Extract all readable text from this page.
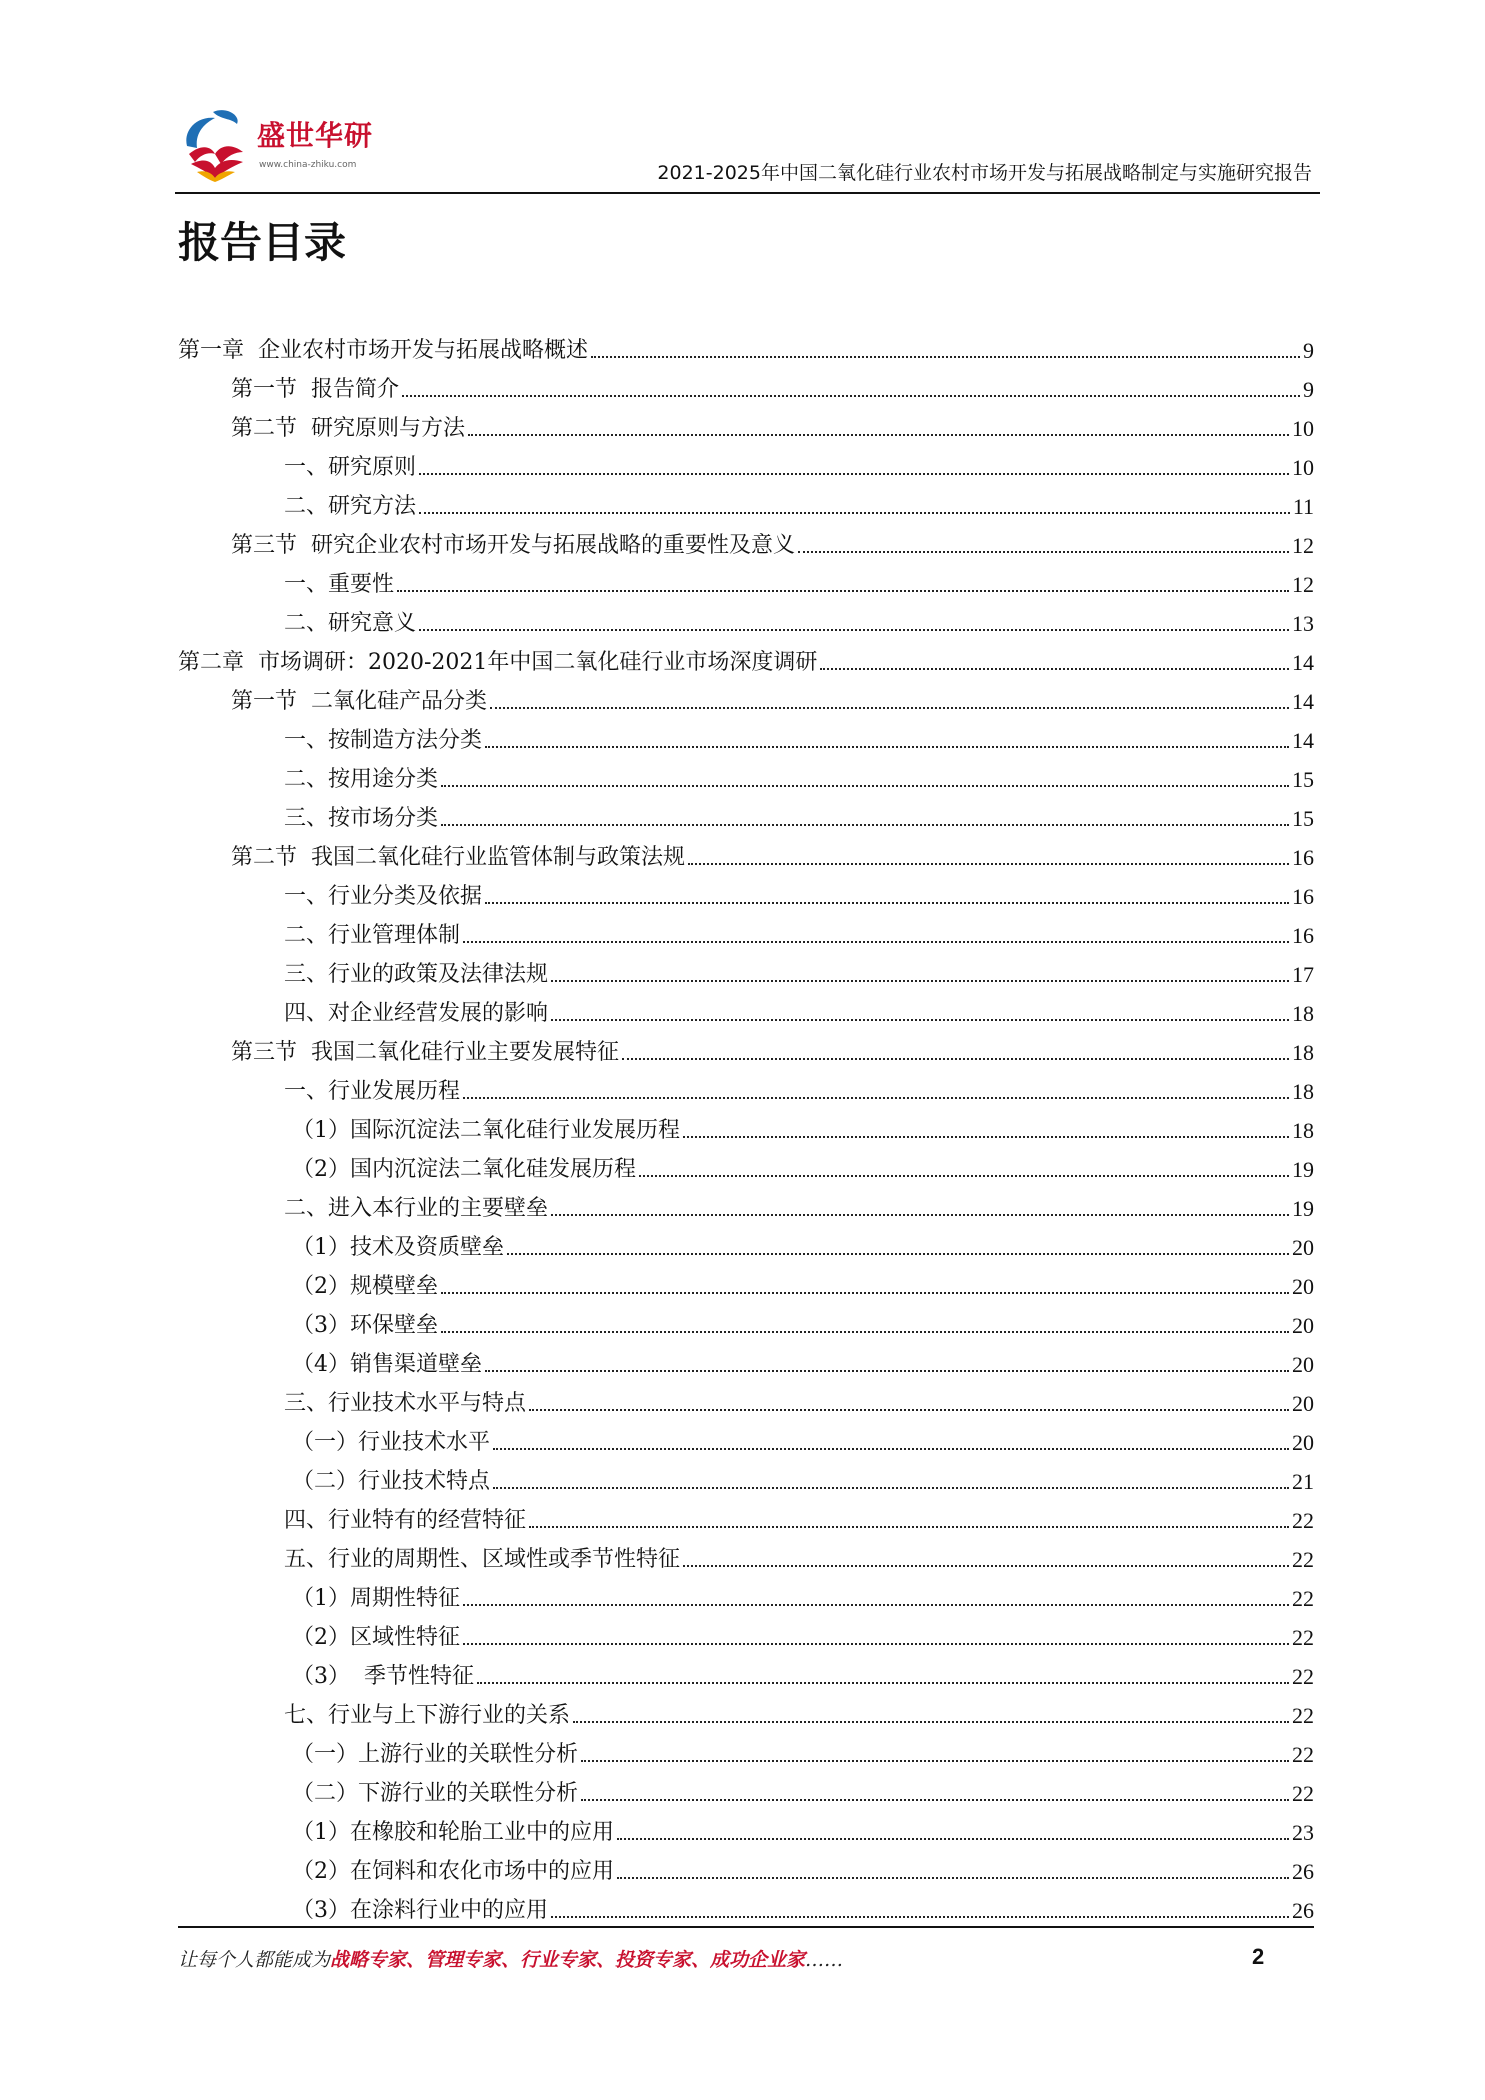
盛世华研
www.china-zhiku.com	2021-2025年中国二氧化硅行业农村市场开发与拓展战略制定与实施研究报告
报告目录
第一章  企业农村市场开发与拓展战略概述	9
第一节  报告简介	9
第二节  研究原则与方法	10
一、研究原则	10
二、研究方法	11
第三节  研究企业农村市场开发与拓展战略的重要性及意义	12
一、重要性	12
二、研究意义	13
第二章  市场调研：2020-2021年中国二氧化硅行业市场深度调研	14
第一节  二氧化硅产品分类	14
一、按制造方法分类	14
二、按用途分类	15
三、按市场分类	15
第二节  我国二氧化硅行业监管体制与政策法规	16
一、行业分类及依据	16
二、行业管理体制	16
三、行业的政策及法律法规	17
四、对企业经营发展的影响	18
第三节  我国二氧化硅行业主要发展特征	18
一、行业发展历程	18
（1）国际沉淀法二氧化硅行业发展历程	18
（2）国内沉淀法二氧化硅发展历程	19
二、进入本行业的主要壁垒	19
（1）技术及资质壁垒	20
（2）规模壁垒	20
（3）环保壁垒	20
（4）销售渠道壁垒	20
三、行业技术水平与特点	20
（一）行业技术水平	20
（二）行业技术特点	21
四、行业特有的经营特征	22
五、行业的周期性、区域性或季节性特征	22
（1）周期性特征	22
（2）区域性特征	22
（3）  季节性特征	22
七、行业与上下游行业的关系	22
（一）上游行业的关联性分析	22
（二）下游行业的关联性分析	22
（1）在橡胶和轮胎工业中的应用	23
（2）在饲料和农化市场中的应用	26
（3）在涂料行业中的应用	26
让每个人都能成为战略专家、管理专家、行业专家、投资专家、成功企业家……	2
